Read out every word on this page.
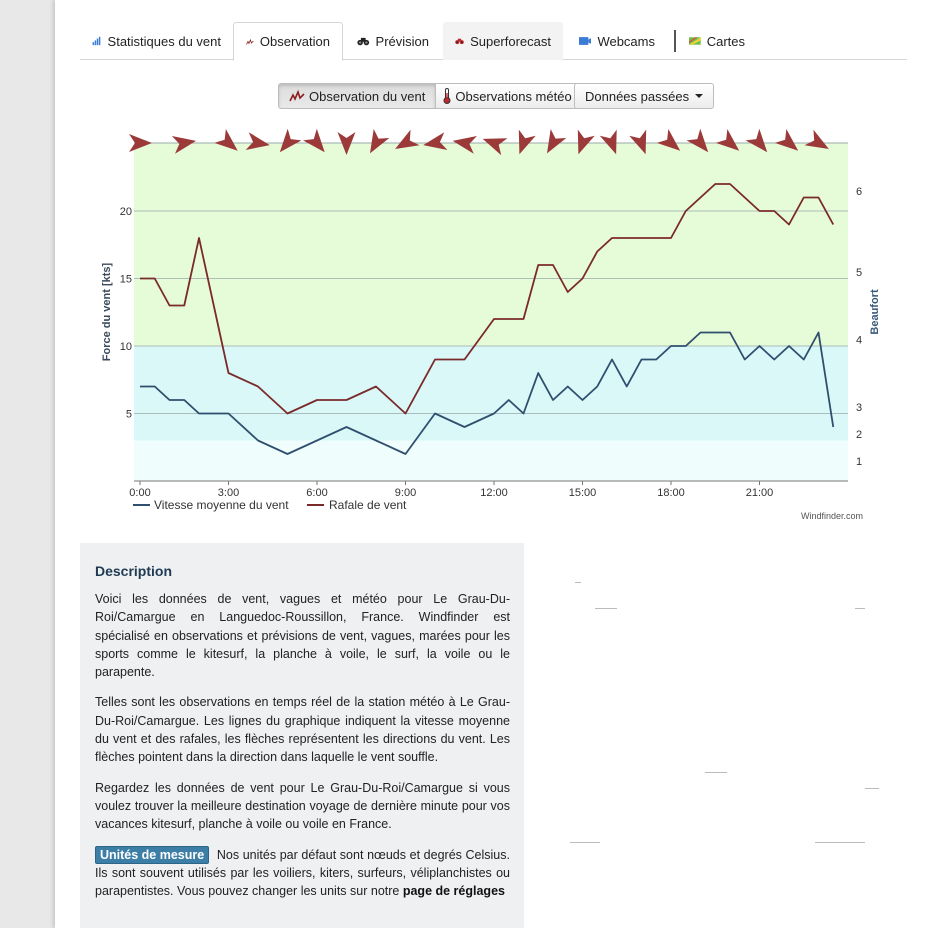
Statistiques du vent	Observation	Prévision	Superforecast	Webcams	Cartes
Observation du vent Observations météo Données passées
5
10
15
20
0:00	3:00	6:00	9:00	12:00	15:00	18:00	21:00
1
2
3
4
5
6
Force du vent [kts]	Beaufort
Windfinder.com
Vitesse moyenne du vent	Rafale de vent
Description

Voici les données de vent, vagues et météo pour Le Grau-Du-Roi/Camargue en Languedoc-Roussillon, France. Windfinder est spécialisé en observations et prévisions de vent, vagues, marées pour les sports comme le kitesurf, la planche à voile, le surf, la voile ou le parapente.

Telles sont les observations en temps réel de la station météo à Le Grau-Du-Roi/Camargue. Les lignes du graphique indiquent la vitesse moyenne du vent et des rafales, les flèches représentent les directions du vent. Les flèches pointent dans la direction dans laquelle le vent souffle.

Regardez les données de vent pour Le Grau-Du-Roi/Camargue si vous voulez trouver la meilleure destination voyage de dernière minute pour vos vacances kitesurf, planche à voile ou voile en France.

Unités de mesure Nos unités par défaut sont nœuds et degrés Celsius. Ils sont souvent utilisés par les voiliers, kiters, surfeurs, véliplanchistes ou parapentistes. Vous pouvez changer les units sur notre page de réglages
